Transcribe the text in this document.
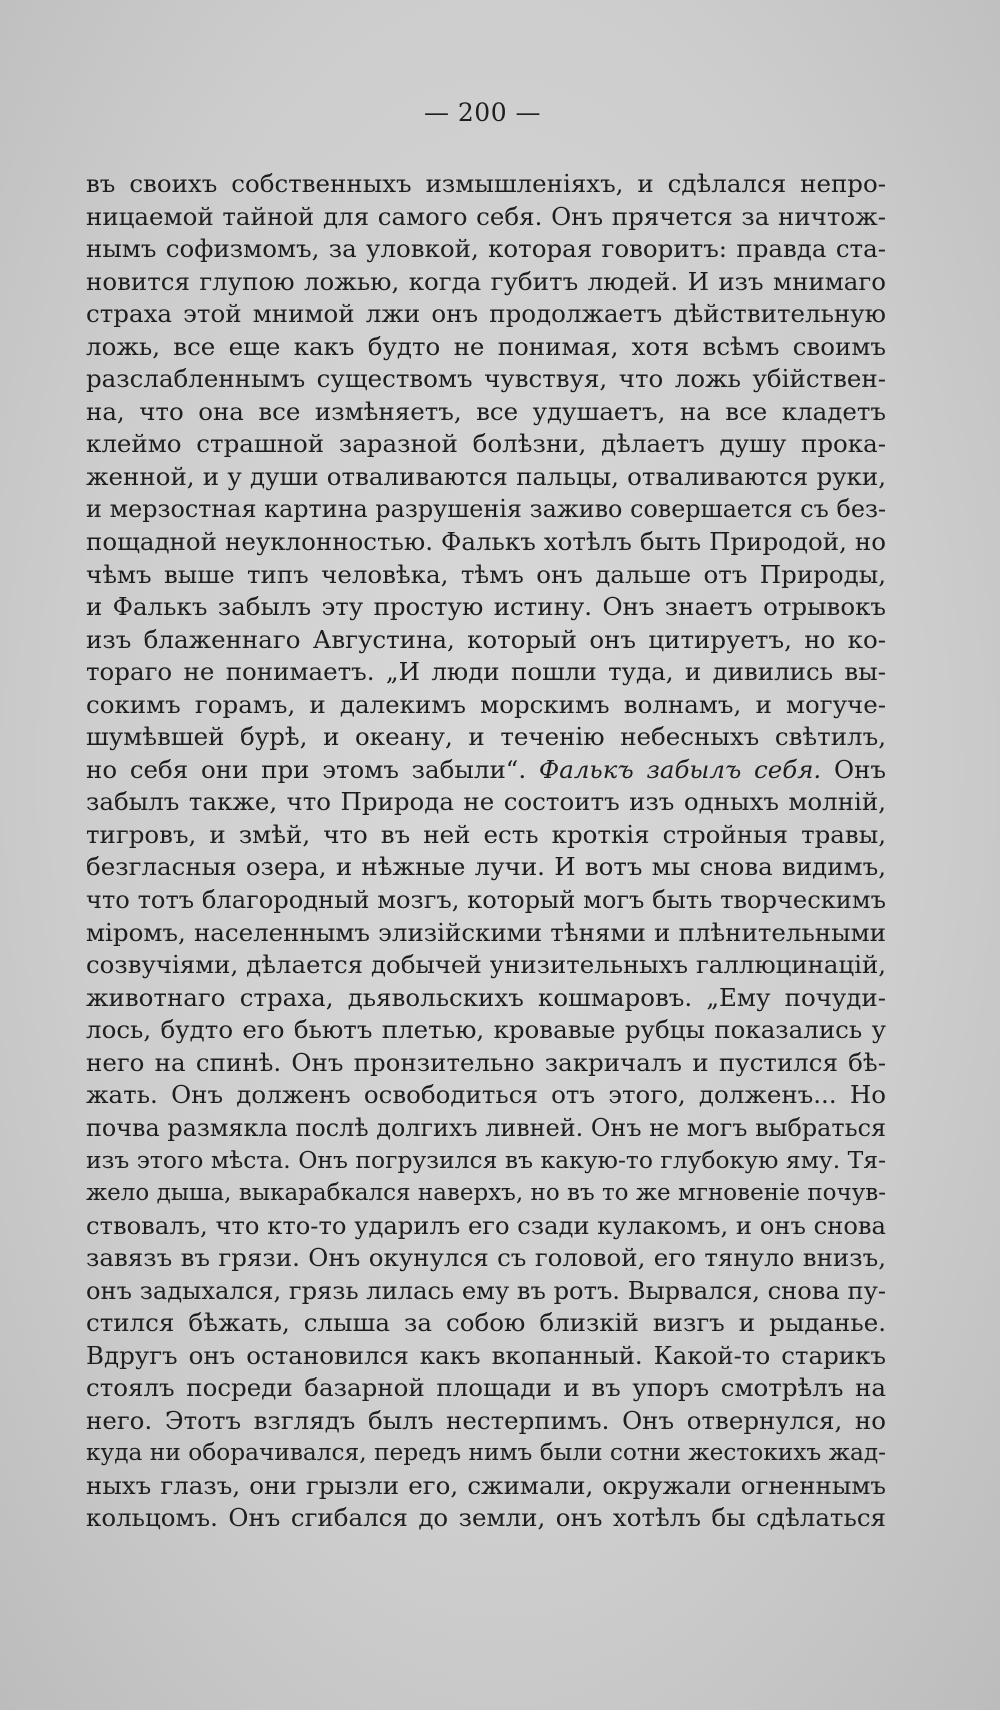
— 200 —
въ своихъ собственныхъ измышленіяхъ, и сдѣлался непро-
ницаемой тайной для самого себя. Онъ прячется за ничтож-
нымъ софизмомъ, за уловкой, которая говоритъ: правда ста-
новится глупою ложью, когда губитъ людей. И изъ мнимаго
страха этой мнимой лжи онъ продолжаетъ дѣйствительную
ложь, все еще какъ будто не понимая, хотя всѣмъ своимъ
разслабленнымъ существомъ чувствуя, что ложь убійствен-
на, что она все измѣняетъ, все удушаетъ, на все кладетъ
клеймо страшной заразной болѣзни, дѣлаетъ душу прока-
женной, и у души отваливаются пальцы, отваливаются руки,
и мерзостная картина разрушенія заживо совершается съ без-
пощадной неуклонностью. Фалькъ хотѣлъ быть Природой, но
чѣмъ выше типъ человѣка, тѣмъ онъ дальше отъ Природы,
и Фалькъ забылъ эту простую истину. Онъ знаетъ отрывокъ
изъ блаженнаго Августина, который онъ цитируетъ, но ко-
тораго не понимаетъ. „И люди пошли туда, и дивились вы-
сокимъ горамъ, и далекимъ морскимъ волнамъ, и могуче-
шумѣвшей бурѣ, и океану, и теченію небесныхъ свѣтилъ,
но себя они при этомъ забыли“. Фалькъ забылъ себя. Онъ
забылъ также, что Природа не состоитъ изъ одныхъ молній,
тигровъ, и змѣй, что въ ней есть кроткія стройныя травы,
безгласныя озера, и нѣжные лучи. И вотъ мы снова видимъ,
что тотъ благородный мозгъ, который могъ быть творческимъ
міромъ, населеннымъ элизійскими тѣнями и плѣнительными
созвучіями, дѣлается добычей унизительныхъ галлюцинацій,
животнаго страха, дьявольскихъ кошмаровъ. „Ему почуди-
лось, будто его бьютъ плетью, кровавые рубцы показались у
него на спинѣ. Онъ пронзительно закричалъ и пустился бѣ-
жать. Онъ долженъ освободиться отъ этого, долженъ... Но
почва размякла послѣ долгихъ ливней. Онъ не могъ выбраться
изъ этого мѣста. Онъ погрузился въ какую-то глубокую яму. Тя-
жело дыша, выкарабкался наверхъ, но въ то же мгновеніе почув-
ствовалъ, что кто-то ударилъ его сзади кулакомъ, и онъ снова
завязъ въ грязи. Онъ окунулся съ головой, его тянуло внизъ,
онъ задыхался, грязь лилась ему въ ротъ. Вырвался, снова пу-
стился бѣжать, слыша за собою близкій визгъ и рыданье.
Вдругъ онъ остановился какъ вкопанный. Какой-то старикъ
стоялъ посреди базарной площади и въ упоръ смотрѣлъ на
него. Этотъ взглядъ былъ нестерпимъ. Онъ отвернулся, но
куда ни оборачивался, передъ нимъ были сотни жестокихъ жад-
ныхъ глазъ, они грызли его, сжимали, окружали огненнымъ
кольцомъ. Онъ сгибался до земли, онъ хотѣлъ бы сдѣлаться
